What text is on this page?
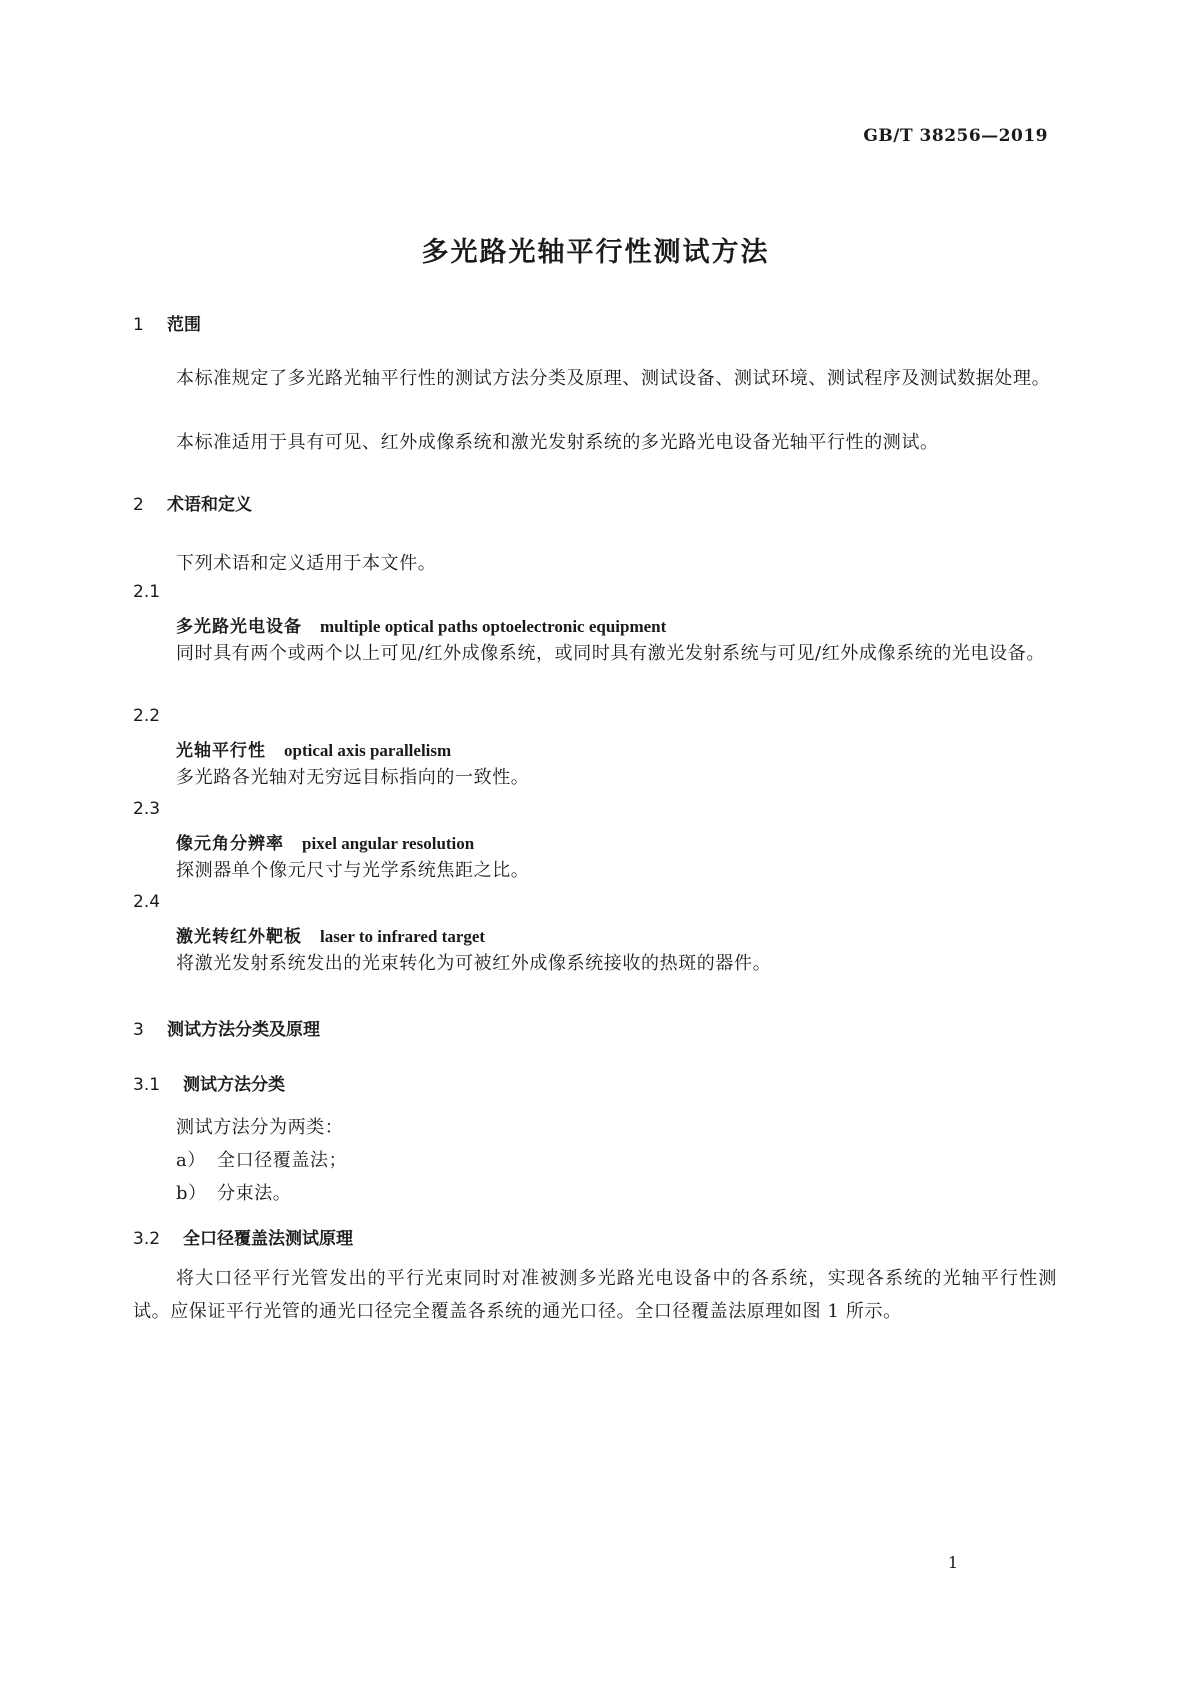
GB/T 38256—2019
多光路光轴平行性测试方法
1 范围

本标准规定了多光路光轴平行性的测试方法分类及原理、测试设备、测试环境、测试程序及测试数据处理。

本标准适用于具有可见、红外成像系统和激光发射系统的多光路光电设备光轴平行性的测试。

2 术语和定义
下列术语和定义适用于本文件。
2.1
多光路光电设备 multiple optical paths optoelectronic equipment

同时具有两个或两个以上可见/红外成像系统，或同时具有激光发射系统与可见/红外成像系统的光电设备。

2.2
光轴平行性 optical axis parallelism

多光路各光轴对无穷远目标指向的一致性。

2.3
像元角分辨率 pixel angular resolution

探测器单个像元尺寸与光学系统焦距之比。

2.4
激光转红外靶板 laser to infrared target

将激光发射系统发出的光束转化为可被红外成像系统接收的热斑的器件。

3 测试方法分类及原理
3.1 测试方法分类
测试方法分为两类：
a） 全口径覆盖法；
b） 分束法。
3.2 全口径覆盖法测试原理

将大口径平行光管发出的平行光束同时对准被测多光路光电设备中的各系统，实现各系统的光轴平行性测试。应保证平行光管的通光口径完全覆盖各系统的通光口径。全口径覆盖法原理如图 1 所示。

1
